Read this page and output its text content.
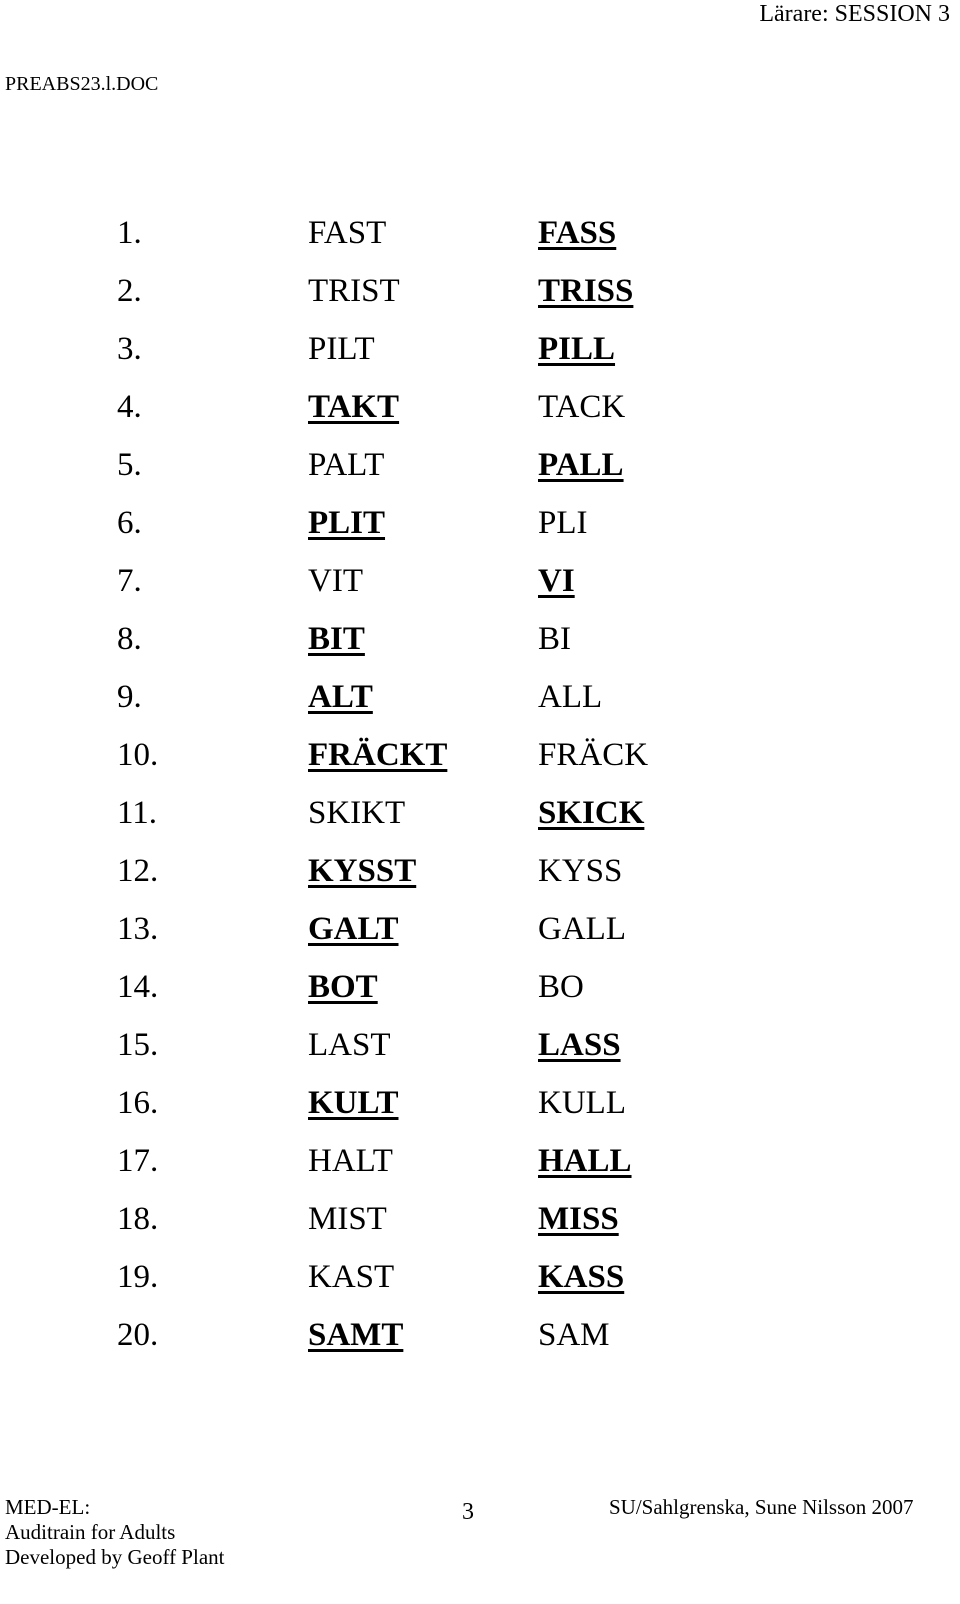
Lärare: SESSION 3
PREABS23.l.DOC
1.	FAST	FASS
2.	TRIST	TRISS
3.	PILT	PILL
4.	TAKT	TACK
5.	PALT	PALL
6.	PLIT	PLI
7.	VIT	VI
8.	BIT	BI
9.	ALT	ALL
10.	FRÄCKT	FRÄCK
11.	SKIKT	SKICK
12.	KYSST	KYSS
13.	GALT	GALL
14.	BOT	BO
15.	LAST	LASS
16.	KULT	KULL
17.	HALT	HALL
18.	MIST	MISS
19.	KAST	KASS
20.	SAMT	SAM
MED-EL:
Auditrain for Adults
Developed by Geoff Plant
3	SU/Sahlgrenska, Sune Nilsson 2007
